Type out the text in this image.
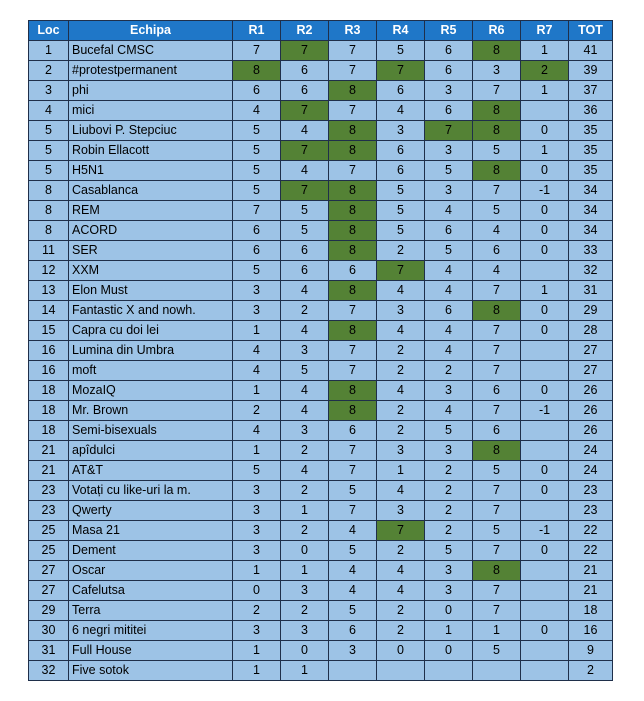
Loc	Echipa	R1	R2	R3	R4	R5	R6	R7	TOT
1	Bucefal CMSC	7	7	7	5	6	8	1	41
2	#protestpermanent	8	6	7	7	6	3	2	39
3	phi	6	6	8	6	3	7	1	37
4	mici	4	7	7	4	6	8		36
5	Liubovi P. Stepciuc	5	4	8	3	7	8	0	35
5	Robin Ellacott	5	7	8	6	3	5	1	35
5	H5N1	5	4	7	6	5	8	0	35
8	Casablanca	5	7	8	5	3	7	-1	34
8	REM	7	5	8	5	4	5	0	34
8	ACORD	6	5	8	5	6	4	0	34
11	SER	6	6	8	2	5	6	0	33
12	XXM	5	6	6	7	4	4		32
13	Elon Must	3	4	8	4	4	7	1	31
14	Fantastic X and nowh.	3	2	7	3	6	8	0	29
15	Capra cu doi lei	1	4	8	4	4	7	0	28
16	Lumina din Umbra	4	3	7	2	4	7		27
16	moft	4	5	7	2	2	7		27
18	MozaIQ	1	4	8	4	3	6	0	26
18	Mr. Brown	2	4	8	2	4	7	-1	26
18	Semi-bisexuals	4	3	6	2	5	6		26
21	apîdulci	1	2	7	3	3	8		24
21	AT&T	5	4	7	1	2	5	0	24
23	Votați cu like-uri la m.	3	2	5	4	2	7	0	23
23	Qwerty	3	1	7	3	2	7		23
25	Masa 21	3	2	4	7	2	5	-1	22
25	Dement	3	0	5	2	5	7	0	22
27	Oscar	1	1	4	4	3	8		21
27	Cafelutsa	0	3	4	4	3	7		21
29	Terra	2	2	5	2	0	7		18
30	6 negri mititei	3	3	6	2	1	1	0	16
31	Full House	1	0	3	0	0	5		9
32	Five sotok	1	1						2
